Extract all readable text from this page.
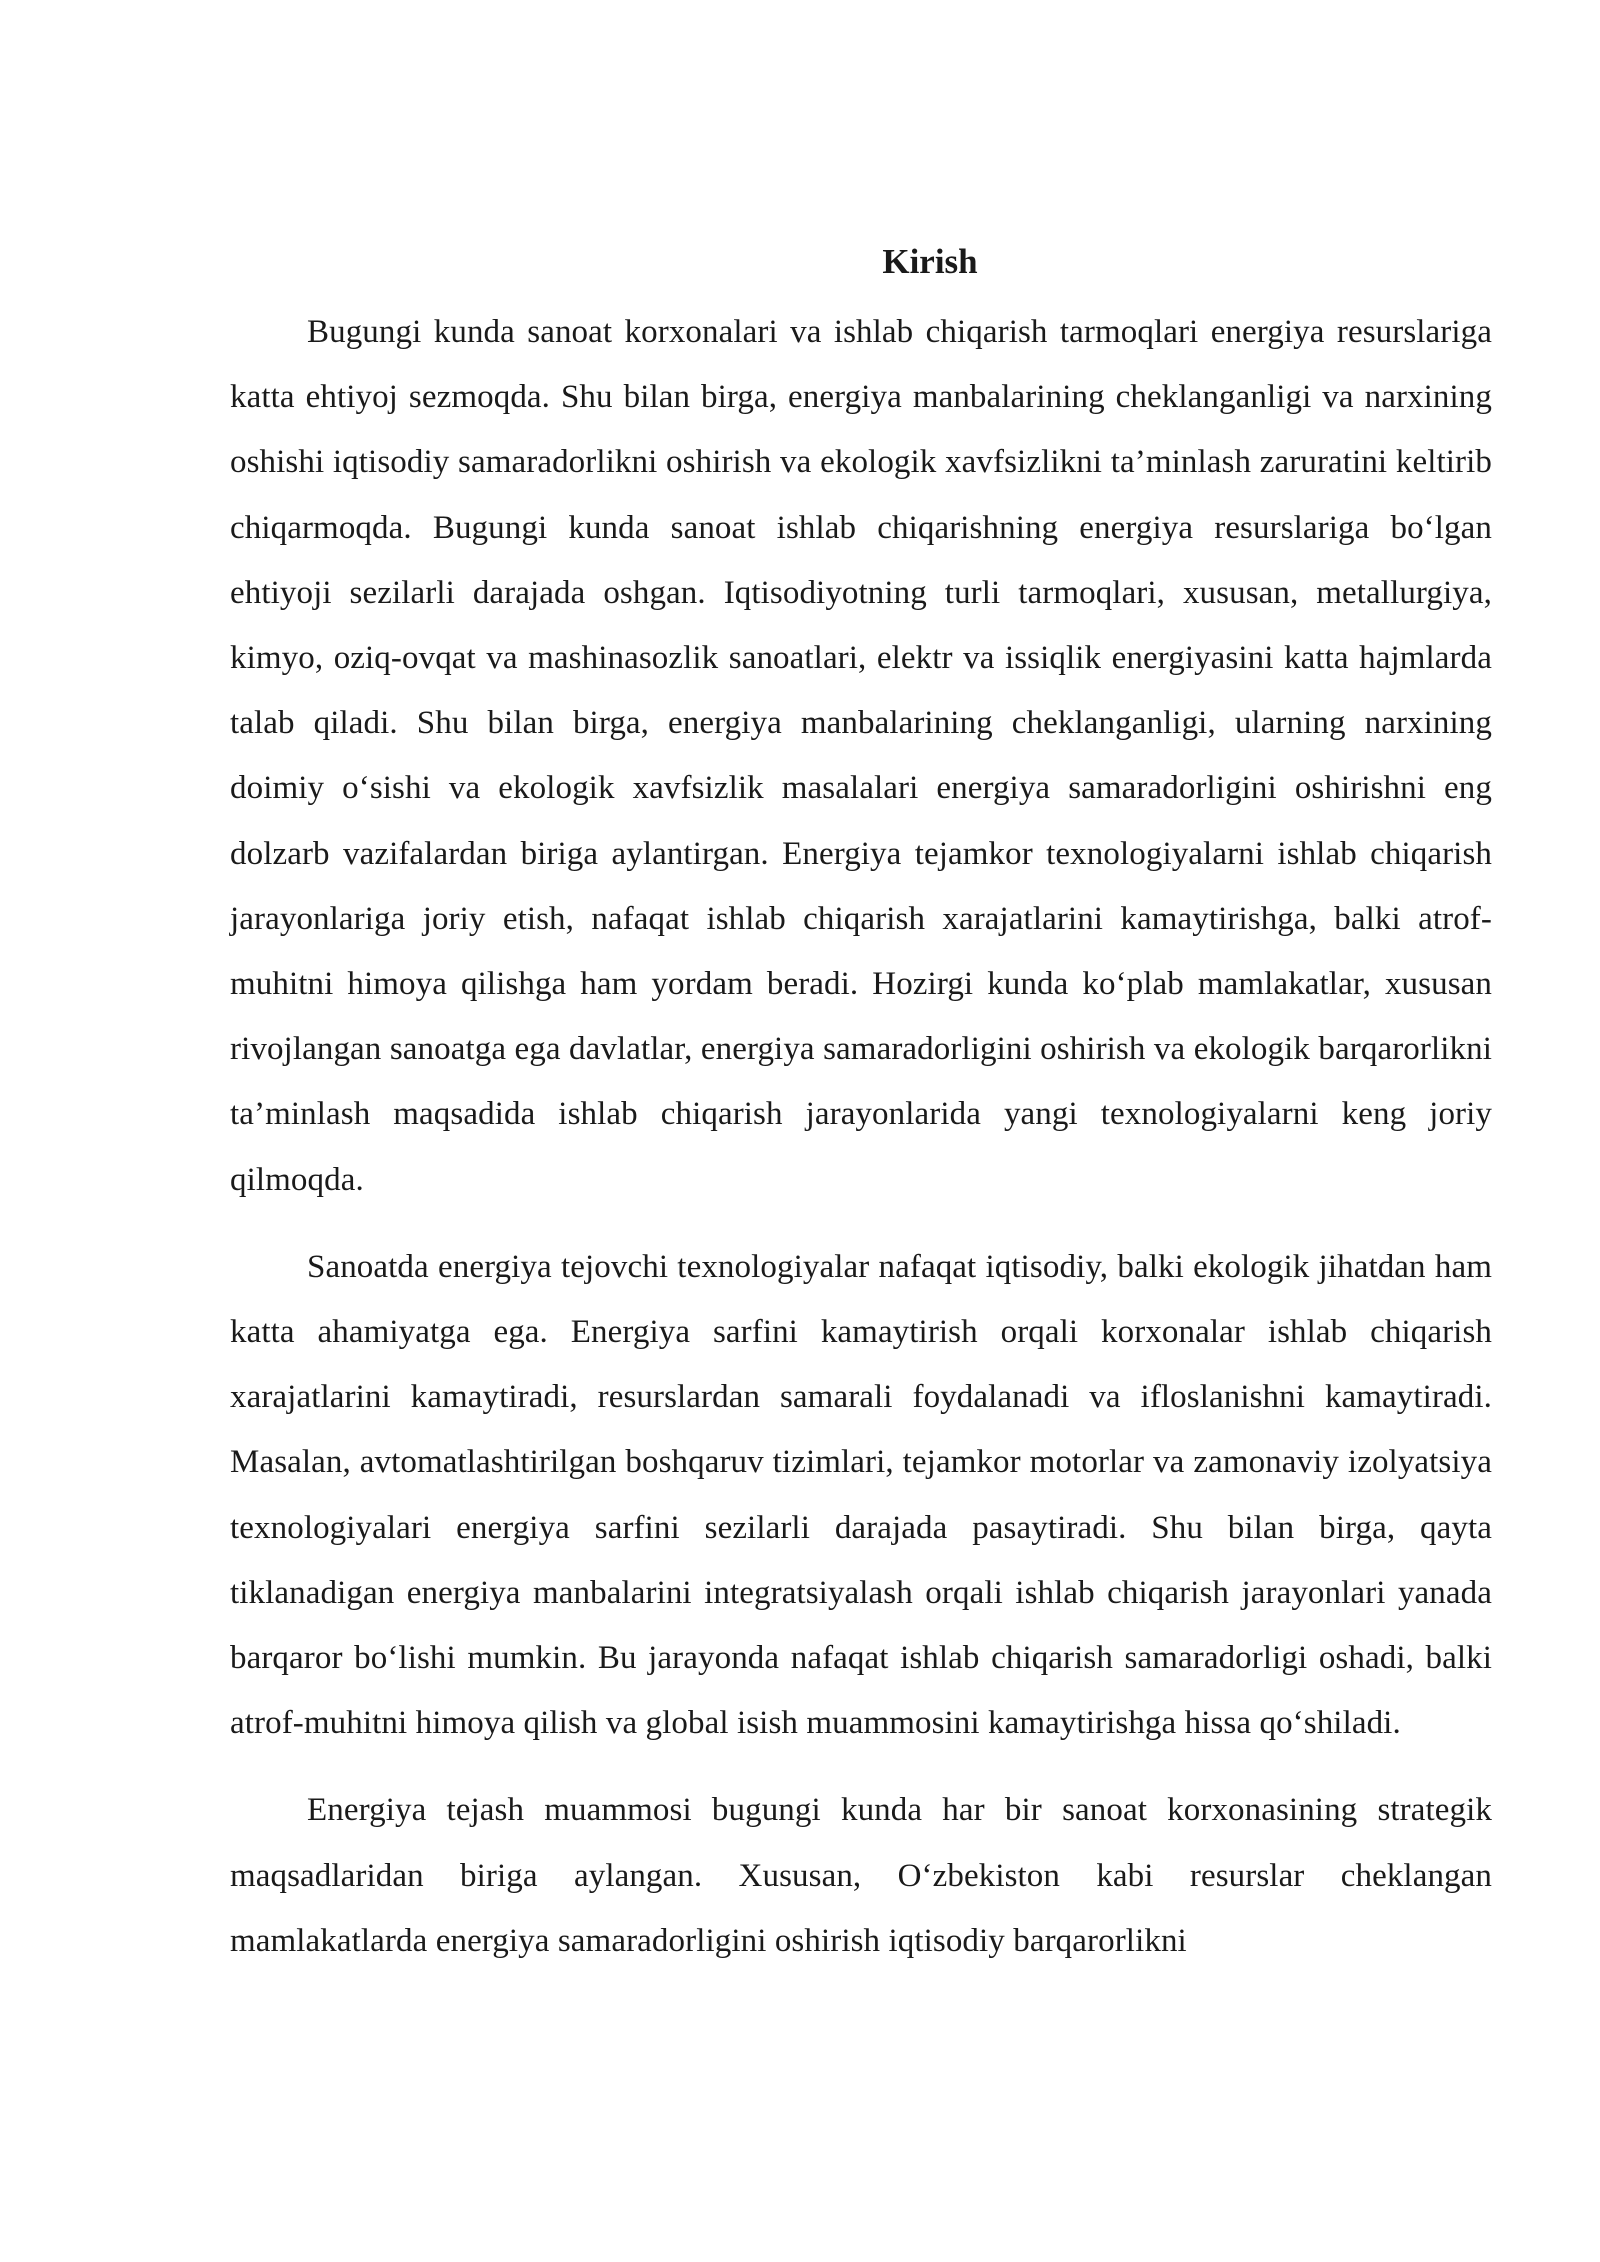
Kirish

Bugungi kunda sanoat korxonalari va ishlab chiqarish tarmoqlari energiya resurslariga katta ehtiyoj sezmoqda. Shu bilan birga, energiya manbalarining cheklanganligi va narxining oshishi iqtisodiy samaradorlikni oshirish va ekologik xavfsizlikni ta’minlash zaruratini keltirib chiqarmoqda. Bugungi kunda sanoat ishlab chiqarishning energiya resurslariga bo‘lgan ehtiyoji sezilarli darajada oshgan. Iqtisodiyotning turli tarmoqlari, xususan, metallurgiya, kimyo, oziq-ovqat va mashinasozlik sanoatlari, elektr va issiqlik energiyasini katta hajmlarda talab qiladi. Shu bilan birga, energiya manbalarining cheklanganligi, ularning narxining doimiy o‘sishi va ekologik xavfsizlik masalalari energiya samaradorligini oshirishni eng dolzarb vazifalardan biriga aylantirgan. Energiya tejamkor texnologiyalarni ishlab chiqarish jarayonlariga joriy etish, nafaqat ishlab chiqarish xarajatlarini kamaytirishga, balki atrof-muhitni himoya qilishga ham yordam beradi. Hozirgi kunda ko‘plab mamlakatlar, xususan rivojlangan sanoatga ega davlatlar, energiya samaradorligini oshirish va ekologik barqarorlikni ta’minlash maqsadida ishlab chiqarish jarayonlarida yangi texnologiyalarni keng joriy qilmoqda.

Sanoatda energiya tejovchi texnologiyalar nafaqat iqtisodiy, balki ekologik jihatdan ham katta ahamiyatga ega. Energiya sarfini kamaytirish orqali korxonalar ishlab chiqarish xarajatlarini kamaytiradi, resurslardan samarali foydalanadi va ifloslanishni kamaytiradi. Masalan, avtomatlashtirilgan boshqaruv tizimlari, tejamkor motorlar va zamonaviy izolyatsiya texnologiyalari energiya sarfini sezilarli darajada pasaytiradi. Shu bilan birga, qayta tiklanadigan energiya manbalarini integratsiyalash orqali ishlab chiqarish jarayonlari yanada barqaror bo‘lishi mumkin. Bu jarayonda nafaqat ishlab chiqarish samaradorligi oshadi, balki atrof-muhitni himoya qilish va global isish muammosini kamaytirishga hissa qo‘shiladi.

Energiya tejash muammosi bugungi kunda har bir sanoat korxonasining strategik maqsadlaridan biriga aylangan. Xususan, O‘zbekiston kabi resurslar cheklangan mamlakatlarda energiya samaradorligini oshirish iqtisodiy barqarorlikni
